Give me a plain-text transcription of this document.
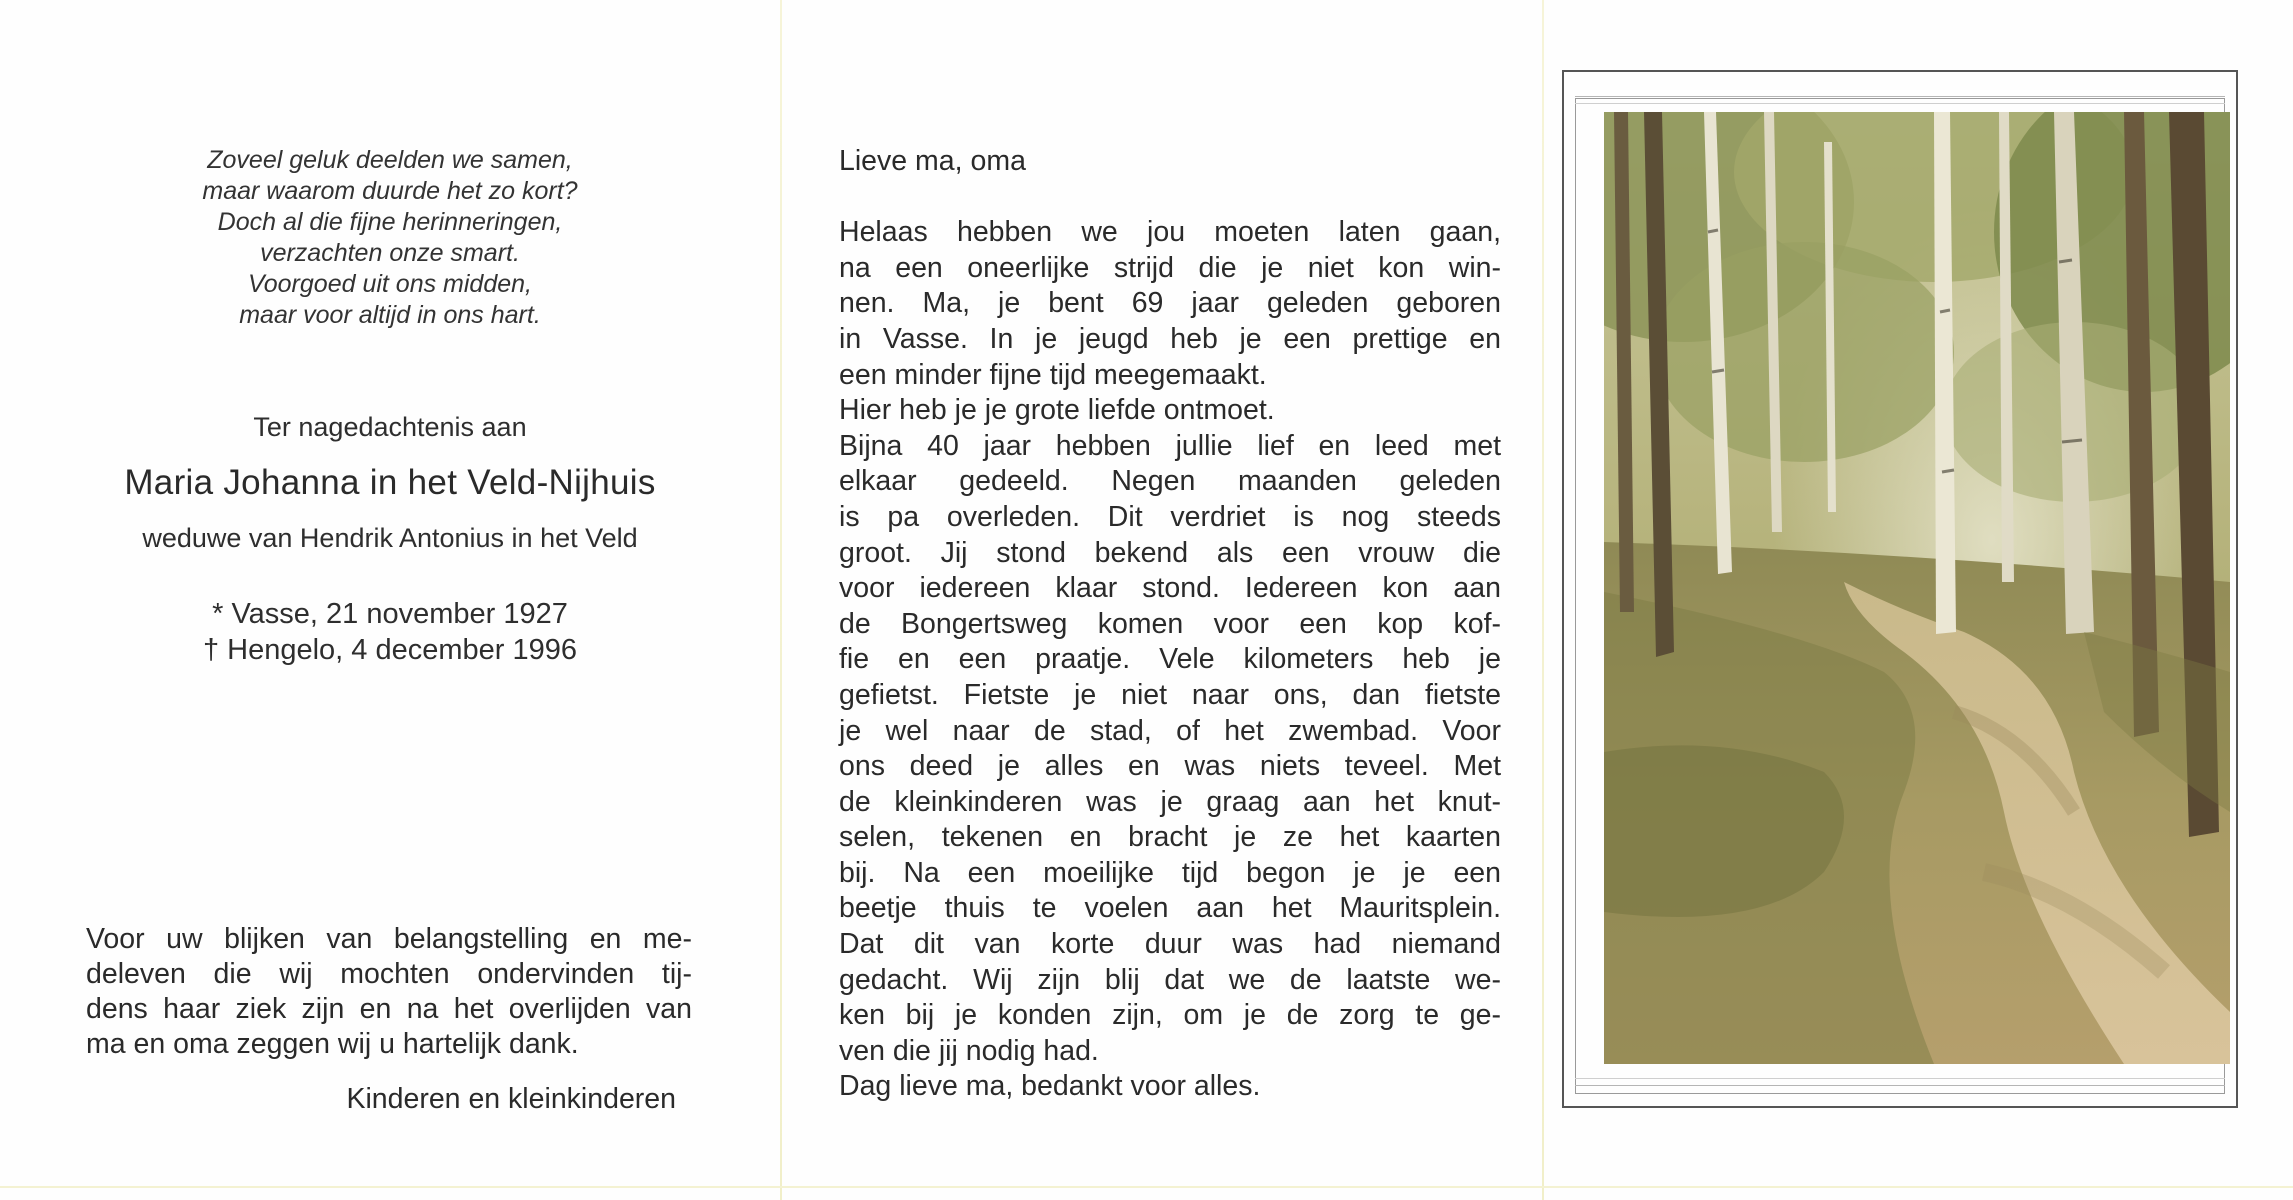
Zoveel geluk deelden we samen,
maar waarom duurde het zo kort?
Doch al die fijne herinneringen,
verzachten onze smart.
Voorgoed uit ons midden,
maar voor altijd in ons hart.
Ter nagedachtenis aan
Maria Johanna in het Veld-Nijhuis
weduwe van Hendrik Antonius in het Veld
* Vasse, 21 november 1927
† Hengelo, 4 december 1996
Voor uw blijken van belangstelling en me-
deleven die wij mochten ondervinden tij-
dens haar ziek zijn en na het overlijden van
ma en oma zeggen wij u hartelijk dank.
Kinderen en kleinkinderen
Lieve ma, oma
Helaas hebben we jou moeten laten gaan,
na een oneerlijke strijd die je niet kon win-
nen. Ma, je bent 69 jaar geleden geboren
in Vasse. In je jeugd heb je een prettige en
een minder fijne tijd meegemaakt.
Hier heb je je grote liefde ontmoet.
Bijna 40 jaar hebben jullie lief en leed met
elkaar gedeeld. Negen maanden geleden
is pa overleden. Dit verdriet is nog steeds
groot. Jij stond bekend als een vrouw die
voor iedereen klaar stond. Iedereen kon aan
de Bongertsweg komen voor een kop kof-
fie en een praatje. Vele kilometers heb je
gefietst. Fietste je niet naar ons, dan fietste
je wel naar de stad, of het zwembad. Voor
ons deed je alles en was niets teveel. Met
de kleinkinderen was je graag aan het knut-
selen, tekenen en bracht je ze het kaarten
bij. Na een moeilijke tijd begon je je een
beetje thuis te voelen aan het Mauritsplein.
Dat dit van korte duur was had niemand
gedacht. Wij zijn blij dat we de laatste we-
ken bij je konden zijn, om je de zorg te ge-
ven die jij nodig had.
Dag lieve ma, bedankt voor alles.
